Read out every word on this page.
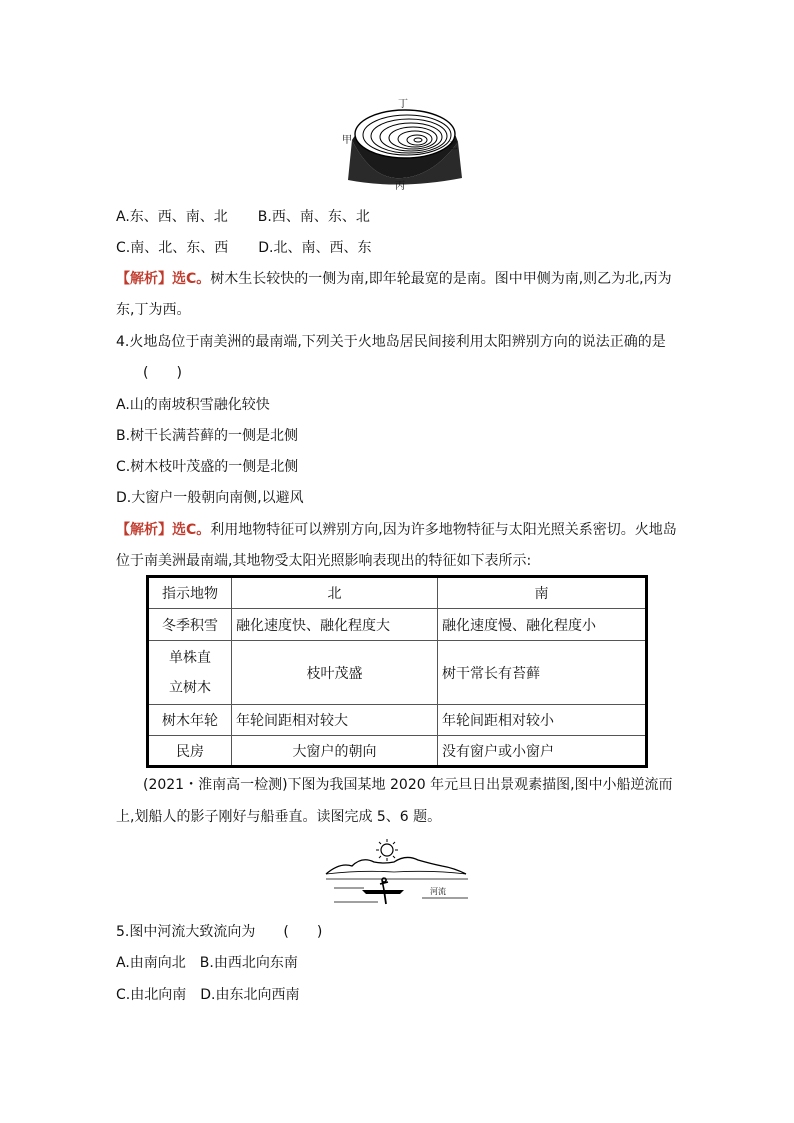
丁
甲
乙
丙
A.东、西、南、北 B.西、南、东、北
C.南、北、东、西 D.北、南、西、东
【解析】选C。树木生长较快的一侧为南,即年轮最宽的是南。图中甲侧为南,则乙为北,丙为
东,丁为西。
4.火地岛位于南美洲的最南端,下列关于火地岛居民间接利用太阳辨别方向的说法正确的是
(　　)
A.山的南坡积雪融化较快
B.树干长满苔藓的一侧是北侧
C.树木枝叶茂盛的一侧是北侧
D.大窗户一般朝向南侧,以避风
【解析】选C。利用地物特征可以辨别方向,因为许多地物特征与太阳光照关系密切。火地岛
位于南美洲最南端,其地物受太阳光照影响表现出的特征如下表所示:
指示地物	北	南
冬季积雪	融化速度快、融化程度大	融化速度慢、融化程度小

单株直
立树木	枝叶茂盛	树干常长有苔藓
树木年轮	年轮间距相对较大	年轮间距相对较小
民房	大窗户的朝向	没有窗户或小窗户
(2021・淮南高一检测)下图为我国某地 2020 年元旦日出景观素描图,图中小船逆流而
上,划船人的影子刚好与船垂直。读图完成 5、6 题。
河流
5.图中河流大致流向为　　(　　)
A.由南向北　B.由西北向东南
C.由北向南　D.由东北向西南
